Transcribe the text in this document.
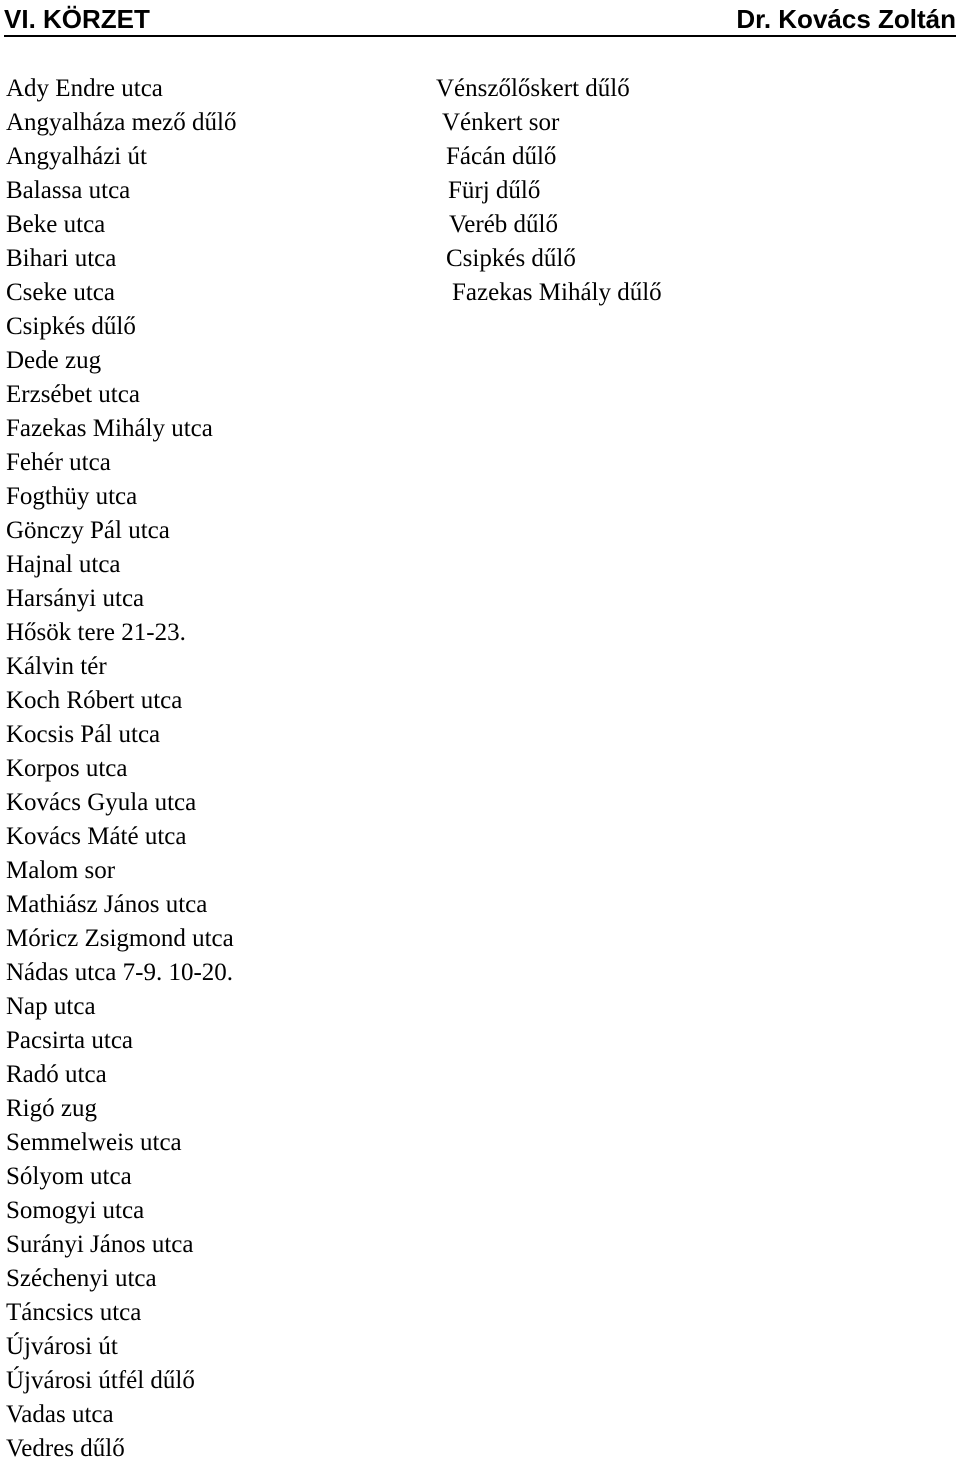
VI. KÖRZET	Dr. Kovács Zoltán
Ady Endre utca
Angyalháza mező dűlő
Angyalházi út
Balassa utca
Beke utca
Bihari utca
Cseke utca
Csipkés dűlő
Dede zug
Erzsébet utca
Fazekas Mihály utca
Fehér utca
Fogthüy utca
Gönczy Pál utca
Hajnal utca
Harsányi utca
Hősök tere 21-23.
Kálvin tér
Koch Róbert utca
Kocsis Pál utca
Korpos utca
Kovács Gyula utca
Kovács Máté utca
Malom sor
Mathiász János utca
Móricz Zsigmond utca
Nádas utca 7-9. 10-20.
Nap utca
Pacsirta utca
Radó utca
Rigó zug
Semmelweis utca
Sólyom utca
Somogyi utca
Surányi János utca
Széchenyi utca
Táncsics utca
Újvárosi út
Újvárosi útfél dűlő
Vadas utca
Vedres dűlő
Vénszőlőskert dűlő
Vénkert sor
Fácán dűlő
Fürj dűlő
Veréb dűlő
Csipkés dűlő
Fazekas Mihály dűlő
